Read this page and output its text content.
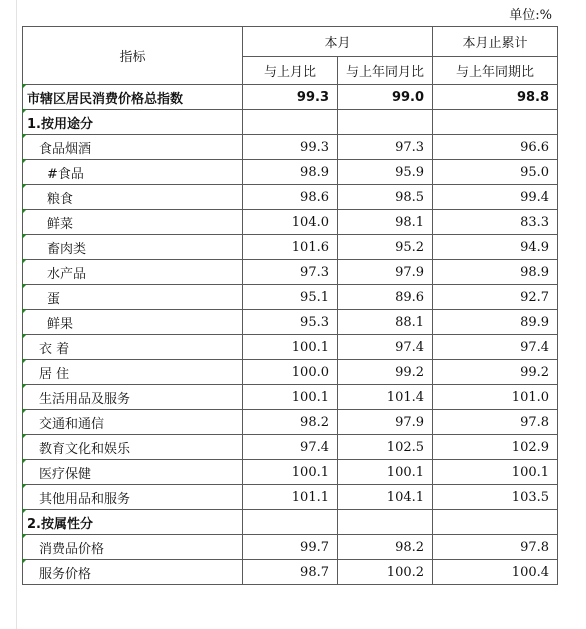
单位:%
指标	本月		本月止累计
	与上月比	与上年同月比	与上年同期比
市辖区居民消费价格总指数	99.3	99.0	98.8
1.按用途分			
食品烟酒	99.3	97.3	96.6
#食品	98.9	95.9	95.0
粮食	98.6	98.5	99.4
鲜菜	104.0	98.1	83.3
畜肉类	101.6	95.2	94.9
水产品	97.3	97.9	98.9
蛋	95.1	89.6	92.7
鲜果	95.3	88.1	89.9
衣 着	100.1	97.4	97.4
居 住	100.0	99.2	99.2
生活用品及服务	100.1	101.4	101.0
交通和通信	98.2	97.9	97.8
教育文化和娱乐	97.4	102.5	102.9
医疗保健	100.1	100.1	100.1
其他用品和服务	101.1	104.1	103.5
2.按属性分			
消费品价格	99.7	98.2	97.8
服务价格	98.7	100.2	100.4
